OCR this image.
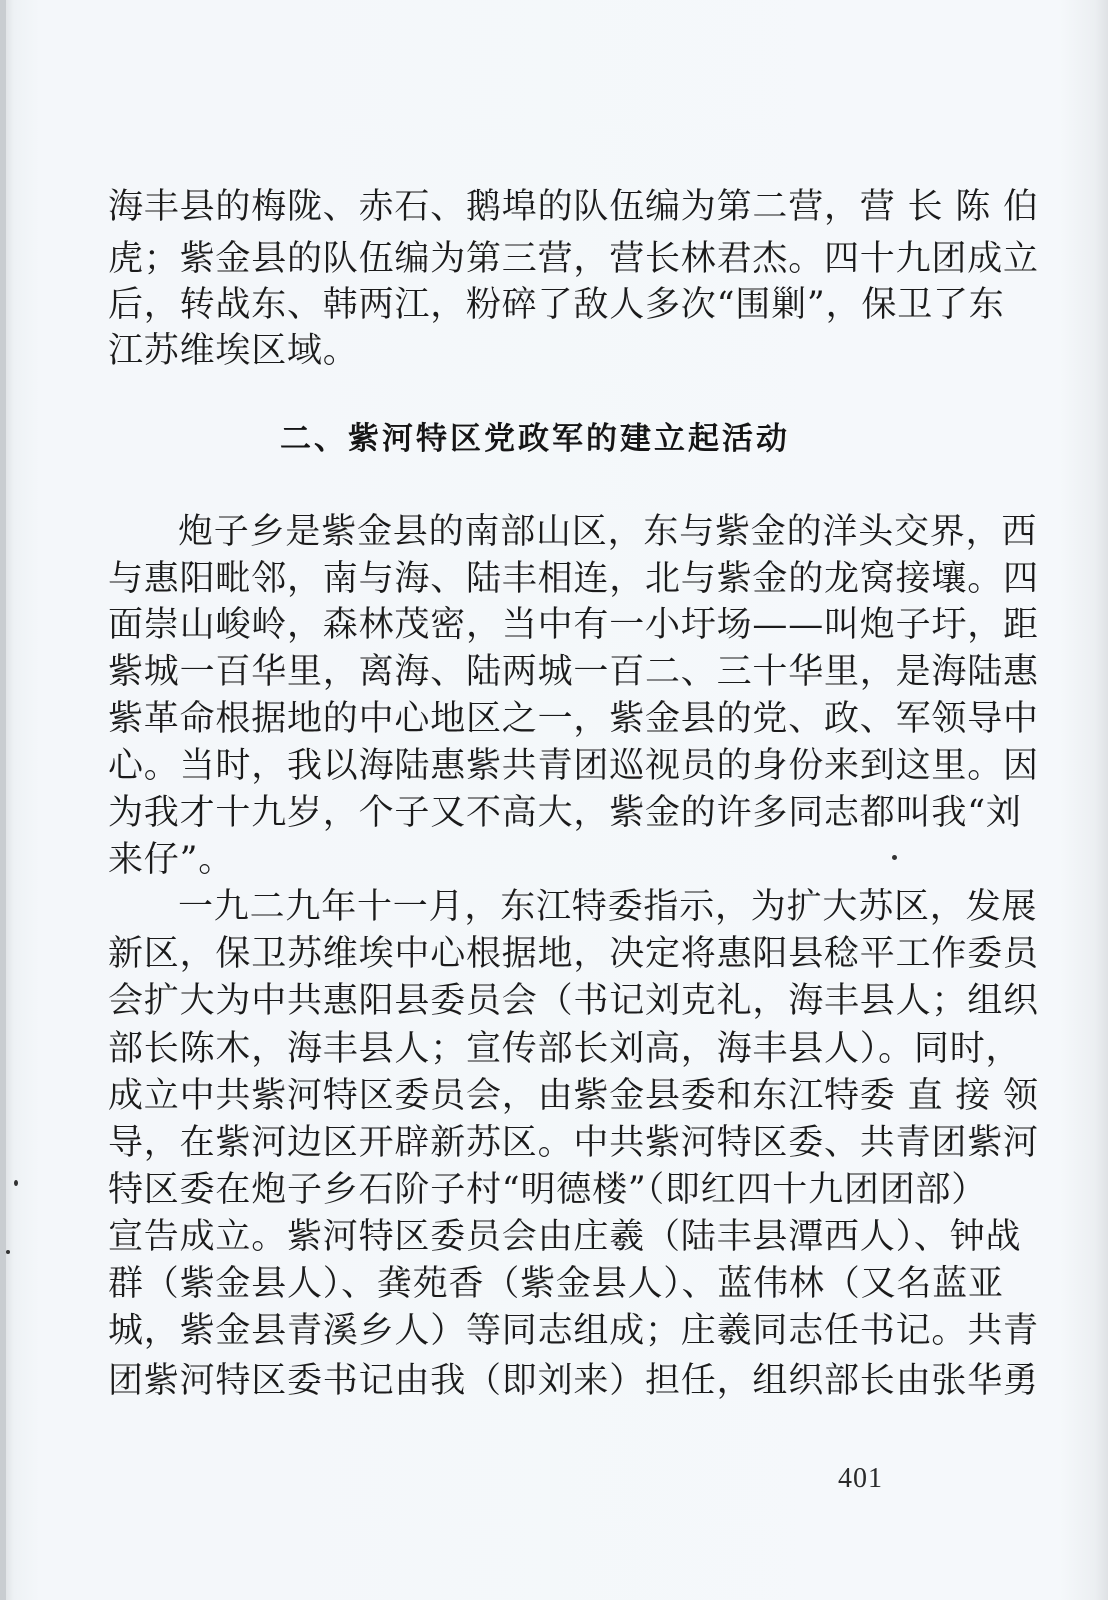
海丰县的梅陇、赤石、鹅埠的队伍编为第二营，营 长 陈 伯
虎；紫金县的队伍编为第三营，营长林君杰。四十九团成立
后，转战东、韩两江，粉碎了敌人多次“围剿”，保卫了东
江苏维埃区域。
二、紫河特区党政军的建立起活动
炮子乡是紫金县的南部山区，东与紫金的洋头交界，西
与惠阳毗邻，南与海、陆丰相连，北与紫金的龙窝接壤。四
面崇山峻岭，森林茂密，当中有一小圩场——叫炮子圩，距
紫城一百华里，离海、陆两城一百二、三十华里，是海陆惠
紫革命根据地的中心地区之一，紫金县的党、政、军领导中
心。当时，我以海陆惠紫共青团巡视员的身份来到这里。因
为我才十九岁，个子又不高大，紫金的许多同志都叫我“刘
来仔”。
一九二九年十一月，东江特委指示，为扩大苏区，发展
新区，保卫苏维埃中心根据地，决定将惠阳县稔平工作委员
会扩大为中共惠阳县委员会（书记刘克礼，海丰县人；组织
部长陈木，海丰县人；宣传部长刘高，海丰县人）。同时，
成立中共紫河特区委员会，由紫金县委和东江特委 直 接 领
导，在紫河边区开辟新苏区。中共紫河特区委、共青团紫河
特区委在炮子乡石阶子村“明德楼”（即红四十九团团部）
宣告成立。紫河特区委员会由庄羲（陆丰县潭西人）、钟战
群（紫金县人）、龚苑香（紫金县人）、蓝伟林（又名蓝亚
城，紫金县青溪乡人）等同志组成；庄羲同志任书记。共青
团紫河特区委书记由我（即刘来）担任，组织部长由张华勇
401
